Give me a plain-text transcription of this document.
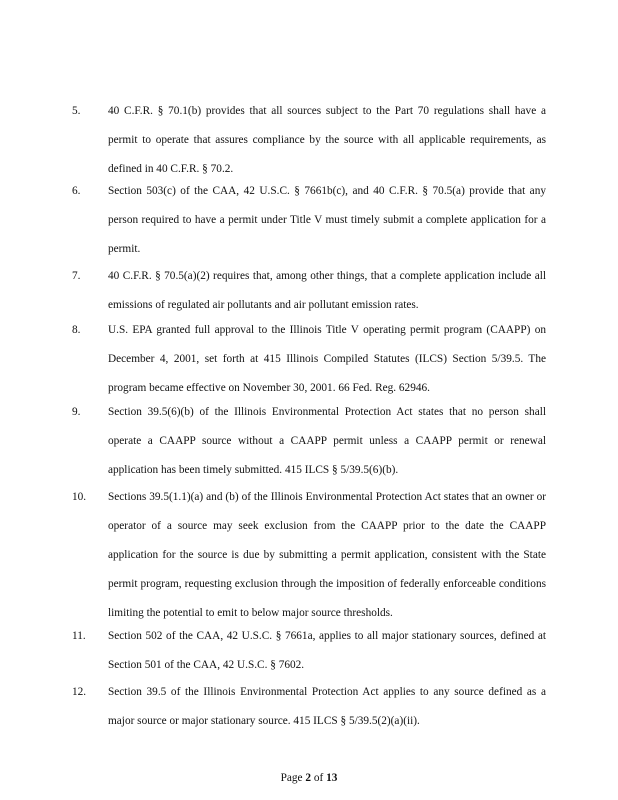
5. 40 C.F.R. § 70.1(b) provides that all sources subject to the Part 70 regulations shall have a permit to operate that assures compliance by the source with all applicable requirements, as defined in 40 C.F.R. § 70.2.
6. Section 503(c) of the CAA, 42 U.S.C. § 7661b(c), and 40 C.F.R. § 70.5(a) provide that any person required to have a permit under Title V must timely submit a complete application for a permit.
7. 40 C.F.R. § 70.5(a)(2) requires that, among other things, that a complete application include all emissions of regulated air pollutants and air pollutant emission rates.
8. U.S. EPA granted full approval to the Illinois Title V operating permit program (CAAPP) on December 4, 2001, set forth at 415 Illinois Compiled Statutes (ILCS) Section 5/39.5. The program became effective on November 30, 2001. 66 Fed. Reg. 62946.
9. Section 39.5(6)(b) of the Illinois Environmental Protection Act states that no person shall operate a CAAPP source without a CAAPP permit unless a CAAPP permit or renewal application has been timely submitted. 415 ILCS § 5/39.5(6)(b).
10. Sections 39.5(1.1)(a) and (b) of the Illinois Environmental Protection Act states that an owner or operator of a source may seek exclusion from the CAAPP prior to the date the CAAPP application for the source is due by submitting a permit application, consistent with the State permit program, requesting exclusion through the imposition of federally enforceable conditions limiting the potential to emit to below major source thresholds.
11. Section 502 of the CAA, 42 U.S.C. § 7661a, applies to all major stationary sources, defined at Section 501 of the CAA, 42 U.S.C. § 7602.
12. Section 39.5 of the Illinois Environmental Protection Act applies to any source defined as a major source or major stationary source. 415 ILCS § 5/39.5(2)(a)(ii).
Page 2 of 13
